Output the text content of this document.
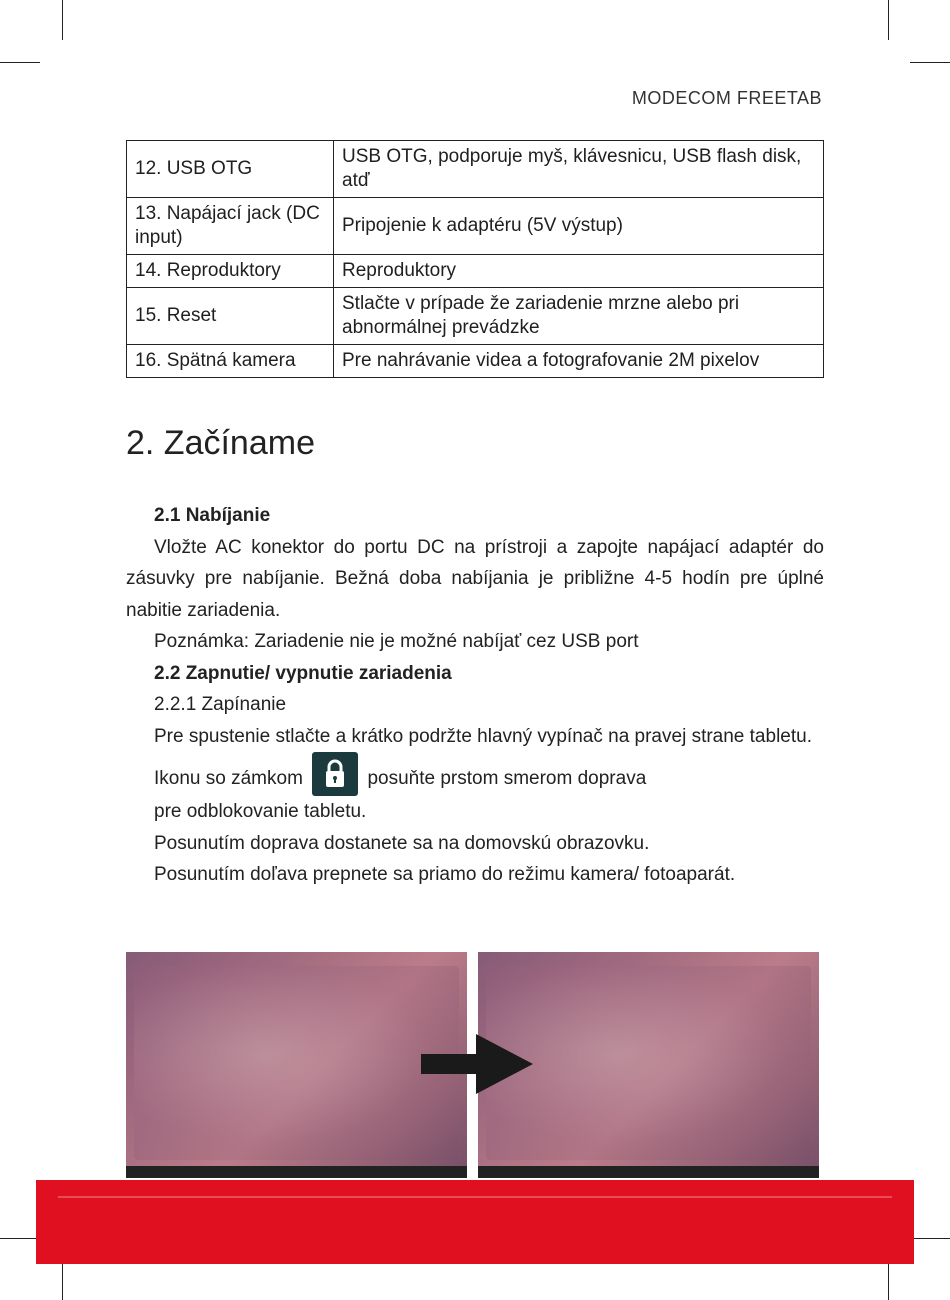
MODECOM FREETAB
12. USB OTG	USB OTG, podporuje myš, klávesnicu, USB flash disk, atď
13. Napájací jack (DC input)	Pripojenie k adaptéru (5V výstup)
14. Reproduktory	Reproduktory
15. Reset	Stlačte v prípade že zariadenie mrzne alebo pri abnormálnej prevádzke
16. Spätná kamera	Pre nahrávanie videa a fotografovanie 2M pixelov
2. Začíname

2.1 Nabíjanie

Vložte AC konektor do portu DC na prístroji a zapojte napájací adaptér do zásuvky pre nabíjanie. Bežná doba nabíjania je približne 4-5 hodín pre úplné nabitie zariadenia.

Poznámka: Zariadenie nie je možné nabíjať cez USB port

2.2 Zapnutie/ vypnutie zariadenia

2.2.1 Zapínanie

Pre spustenie stlačte a krátko podržte hlavný vypínač na pravej strane tabletu.

Ikonu so zámkom	posuňte prstom smerom doprava

pre odblokovanie tabletu.

Posunutím doprava dostanete sa na domovskú obrazovku.

Posunutím doľava prepnete sa priamo do režimu kamera/ fotoaparát.
